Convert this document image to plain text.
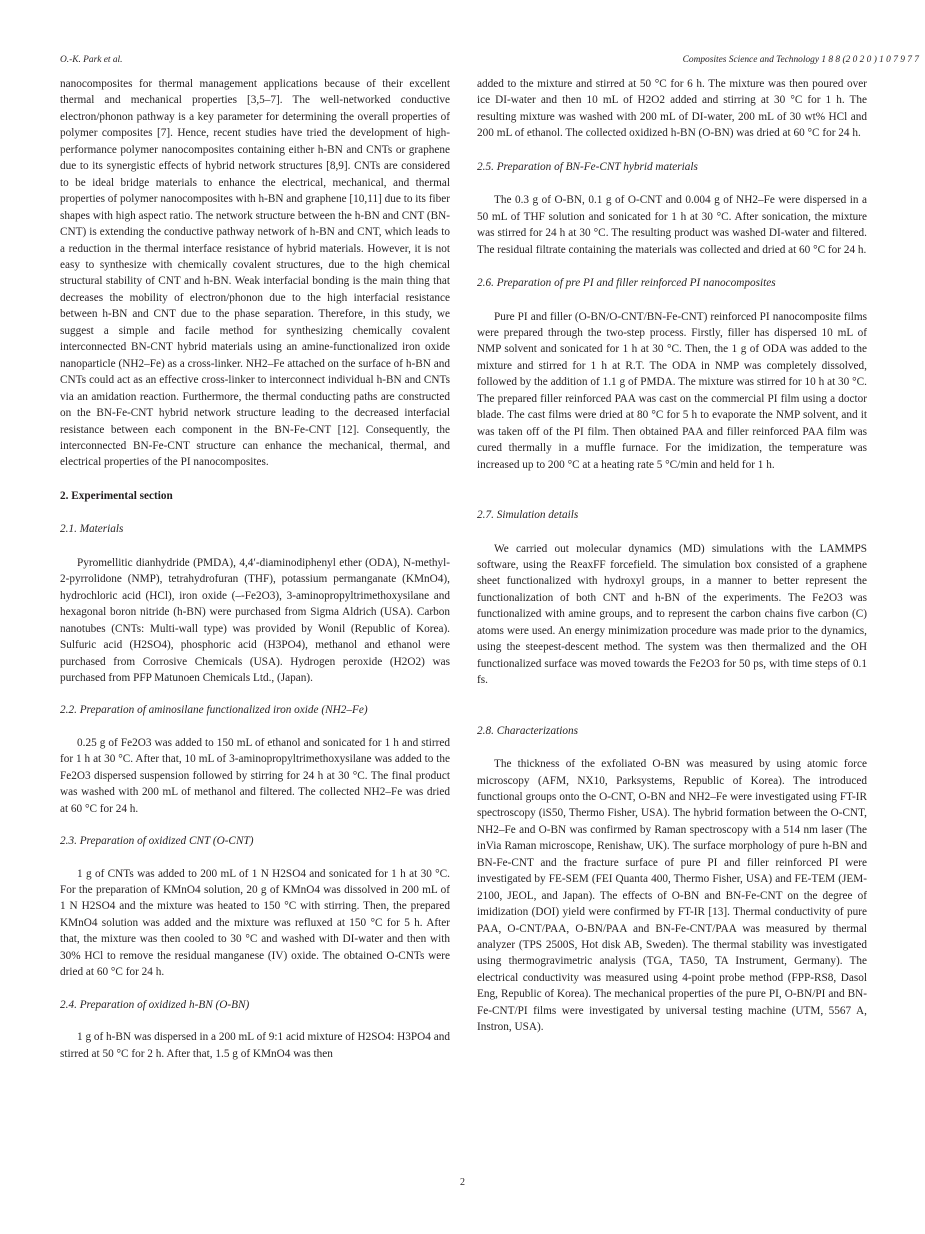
O.-K. Park et al.	Composites Science and Technology 1 8 8 (2 0 2 0 ) 1 0 7 9 7 7

nanocomposites for thermal management applications because of their excellent thermal and mechanical properties [3,5–7]. The well-networked conductive electron/phonon pathway is a key parameter for determining the overall properties of polymer composites [7]. Hence, recent studies have tried the development of high-performance polymer nanocomposites containing either h-BN and CNTs or graphene due to its synergistic effects of hybrid network structures [8,9]. CNTs are considered to be ideal bridge materials to enhance the electrical, mechanical, and thermal properties of polymer nanocomposites with h-BN and graphene [10,11] due to its fiber shapes with high aspect ratio. The network structure between the h-BN and CNT (BN-CNT) is extending the conductive pathway network of h-BN and CNT, which leads to a reduction in the thermal interface resistance of hybrid materials. However, it is not easy to synthesize with chemically covalent structures, due to the high chemical structural stability of CNT and h-BN. Weak interfacial bonding is the main thing that decreases the mobility of electron/phonon due to the high interfacial resistance between h-BN and CNT due to the phase separation. Therefore, in this study, we suggest a simple and facile method for synthesizing chemically covalent interconnected BN-CNT hybrid materials using an amine-functionalized iron oxide nanoparticle (NH2–Fe) as a cross-linker. NH2–Fe attached on the surface of h-BN and CNTs could act as an effective cross-linker to interconnect individual h-BN and CNTs via an amidation reaction. Furthermore, the thermal conducting paths are constructed on the BN-Fe-CNT hybrid network structure leading to the decreased interfacial resistance between each component in the BN-Fe-CNT [12]. Consequently, the interconnected BN-Fe-CNT structure can enhance the mechanical, thermal, and electrical properties of the PI nanocomposites.

2. Experimental section
2.1. Materials

Pyromellitic dianhydride (PMDA), 4,4′-diaminodiphenyl ether (ODA), N-methyl-2-pyrrolidone (NMP), tetrahydrofuran (THF), potassium permanganate (KMnO4), hydrochloric acid (HCl), iron oxide (–-Fe2O3), 3-aminopropyltrimethoxysilane and hexagonal boron nitride (h-BN) were purchased from Sigma Aldrich (USA). Carbon nanotubes (CNTs: Multi-wall type) was provided by Wonil (Republic of Korea). Sulfuric acid (H2SO4), phosphoric acid (H3PO4), methanol and ethanol were purchased from Corrosive Chemicals (USA). Hydrogen peroxide (H2O2) was purchased from PFP Matunoen Chemicals Ltd., (Japan).

2.2. Preparation of aminosilane functionalized iron oxide (NH2–Fe)

0.25 g of Fe2O3 was added to 150 mL of ethanol and sonicated for 1 h and stirred for 1 h at 30 °C. After that, 10 mL of 3-aminopropyltrimethoxysilane was added to the Fe2O3 dispersed suspension followed by stirring for 24 h at 30 °C. The final product was washed with 200 mL of methanol and filtered. The collected NH2–Fe was dried at 60 °C for 24 h.

2.3. Preparation of oxidized CNT (O-CNT)

1 g of CNTs was added to 200 mL of 1 N H2SO4 and sonicated for 1 h at 30 °C. For the preparation of KMnO4 solution, 20 g of KMnO4 was dissolved in 200 mL of 1 N H2SO4 and the mixture was heated to 150 °C with stirring. Then, the prepared KMnO4 solution was added and the mixture was refluxed at 150 °C for 5 h. After that, the mixture was then cooled to 30 °C and washed with DI-water and then with 30% HCl to remove the residual manganese (IV) oxide. The obtained O-CNTs were dried at 60 °C for 24 h.

2.4. Preparation of oxidized h-BN (O-BN)

1 g of h-BN was dispersed in a 200 mL of 9:1 acid mixture of H2SO4: H3PO4 and stirred at 50 °C for 2 h. After that, 1.5 g of KMnO4 was then

added to the mixture and stirred at 50 °C for 6 h. The mixture was then poured over ice DI-water and then 10 mL of H2O2 added and stirring at 30 °C for 1 h. The resulting mixture was washed with 200 mL of DI-water, 200 mL of 30 wt% HCl and 200 mL of ethanol. The collected oxidized h-BN (O-BN) was dried at 60 °C for 24 h.

2.5. Preparation of BN-Fe-CNT hybrid materials

The 0.3 g of O-BN, 0.1 g of O-CNT and 0.004 g of NH2–Fe were dispersed in a 50 mL of THF solution and sonicated for 1 h at 30 °C. After sonication, the mixture was stirred for 24 h at 30 °C. The resulting product was washed DI-water and filtered. The residual filtrate containing the materials was collected and dried at 60 °C for 24 h.

2.6. Preparation of pre PI and filler reinforced PI nanocomposites

Pure PI and filler (O-BN/O-CNT/BN-Fe-CNT) reinforced PI nanocomposite films were prepared through the two-step process. Firstly, filler has dispersed 10 mL of NMP solvent and sonicated for 1 h at 30 °C. Then, the 1 g of ODA was added to the mixture and stirred for 1 h at R.T. The ODA in NMP was completely dissolved, followed by the addition of 1.1 g of PMDA. The mixture was stirred for 10 h at 30 °C. The prepared filler reinforced PAA was cast on the commercial PI film using a doctor blade. The cast films were dried at 80 °C for 5 h to evaporate the NMP solvent, and it was taken off of the PI film. Then obtained PAA and filler reinforced PAA film was cured thermally in a muffle furnace. For the imidization, the temperature was increased up to 200 °C at a heating rate 5 °C/min and held for 1 h.

2.7. Simulation details

We carried out molecular dynamics (MD) simulations with the LAMMPS software, using the ReaxFF forcefield. The simulation box consisted of a graphene sheet functionalized with hydroxyl groups, in a manner to better represent the functionalization of both CNT and h-BN of the experiments. The Fe2O3 was functionalized with amine groups, and to represent the carbon chains five carbon (C) atoms were used. An energy minimization procedure was made prior to the dynamics, using the steepest-descent method. The system was then thermalized and the OH functionalized surface was moved towards the Fe2O3 for 50 ps, with time steps of 0.1 fs.

2.8. Characterizations

The thickness of the exfoliated O-BN was measured by using atomic force microscopy (AFM, NX10, Parksystems, Republic of Korea). The introduced functional groups onto the O-CNT, O-BN and NH2–Fe were investigated using FT-IR spectroscopy (iS50, Thermo Fisher, USA). The hybrid formation between the O-CNT, NH2–Fe and O-BN was confirmed by Raman spectroscopy with a 514 nm laser (The inVia Raman microscope, Renishaw, UK). The surface morphology of pure h-BN and BN-Fe-CNT and the fracture surface of pure PI and filler reinforced PI were investigated by FE-SEM (FEI Quanta 400, Thermo Fisher, USA) and FE-TEM (JEM- 2100, JEOL, and Japan). The effects of O-BN and BN-Fe-CNT on the degree of imidization (DOI) yield were confirmed by FT-IR [13]. Thermal conductivity of pure PAA, O-CNT/PAA, O-BN/PAA and BN-Fe-CNT/PAA was measured by thermal analyzer (TPS 2500S, Hot disk AB, Sweden). The thermal stability was investigated using thermogravimetric analysis (TGA, TA50, TA Instrument, Germany). The electrical conductivity was measured using 4-point probe method (FPP-RS8, Dasol Eng, Republic of Korea). The mechanical properties of the pure PI, O-BN/PI and BN-Fe-CNT/PI films were investigated by universal testing machine (UTM, 5567 A, Instron, USA).

2
